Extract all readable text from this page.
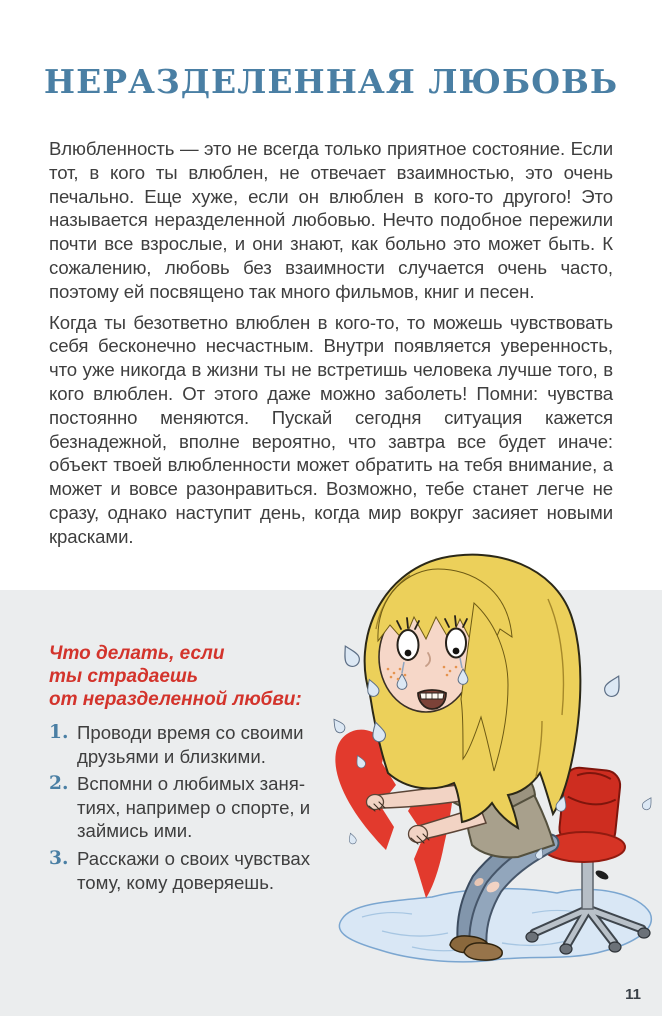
НЕРАЗДЕЛЕННАЯ ЛЮБОВЬ

Влюбленность — это не всегда только приятное состояние. Если тот, в кого ты влюблен, не отвечает взаимностью, это очень печально. Еще хуже, если он влюблен в кого-то другого! Это называется неразделенной любовью. Нечто подобное пережили почти все взрослые, и они знают, как больно это может быть. К сожалению, любовь без взаимности случается очень часто, поэтому ей посвящено так много фильмов, книг и песен.

Когда ты безответно влюблен в кого-то, то можешь чувствовать себя бесконечно несчастным. Внутри появляется уверенность, что уже никогда в жизни ты не встретишь человека лучше того, в кого влюблен. От этого даже можно заболеть! Помни: чувства постоянно меняются. Пускай сегодня ситуация кажется безнадежной, вполне вероятно, что завтра все будет иначе: объект твоей влюбленности может обратить на тебя внимание, а может и вовсе разонравиться. Возможно, тебе станет легче не сразу, однако наступит день, когда мир вокруг засияет новыми красками.

Что делать, если
ты страдаешь
от неразделенной любви:
1. Проводи время со своими друзьями и близкими.
2. Вспомни о любимых занятиях, например о спорте, и займись ими.
3. Расскажи о своих чувствах тому, кому доверяешь.
11
